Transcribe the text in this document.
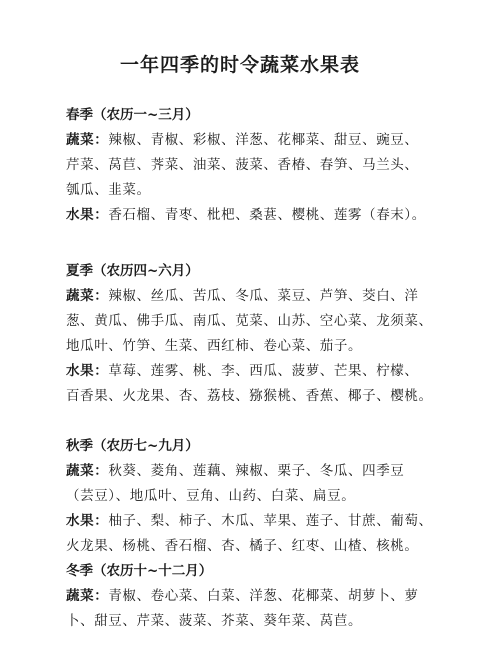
一年四季的时令蔬菜水果表
春季（农历一~三月）
蔬菜：辣椒、青椒、彩椒、洋葱、花椰菜、甜豆、豌豆、
芹菜、莴苣、荠菜、油菜、菠菜、香椿、春笋、马兰头、
瓠瓜、韭菜。
水果：香石榴、青枣、枇杷、桑葚、樱桃、莲雾（春末）。
夏季（农历四~六月）
蔬菜：辣椒、丝瓜、苦瓜、冬瓜、菜豆、芦笋、茭白、洋
葱、黄瓜、佛手瓜、南瓜、苋菜、山苏、空心菜、龙须菜、
地瓜叶、竹笋、生菜、西红柿、卷心菜、茄子。
水果：草莓、莲雾、桃、李、西瓜、菠萝、芒果、柠檬、
百香果、火龙果、杏、荔枝、猕猴桃、香蕉、椰子、樱桃。
秋季（农历七~九月）
蔬菜：秋葵、菱角、莲藕、辣椒、栗子、冬瓜、四季豆
（芸豆）、地瓜叶、豆角、山药、白菜、扁豆。
水果：柚子、梨、柿子、木瓜、苹果、莲子、甘蔗、葡萄、
火龙果、杨桃、香石榴、杏、橘子、红枣、山楂、核桃。
冬季（农历十~十二月）
蔬菜：青椒、卷心菜、白菜、洋葱、花椰菜、胡萝卜、萝
卜、甜豆、芹菜、菠菜、芥菜、葵年菜、莴苣。
